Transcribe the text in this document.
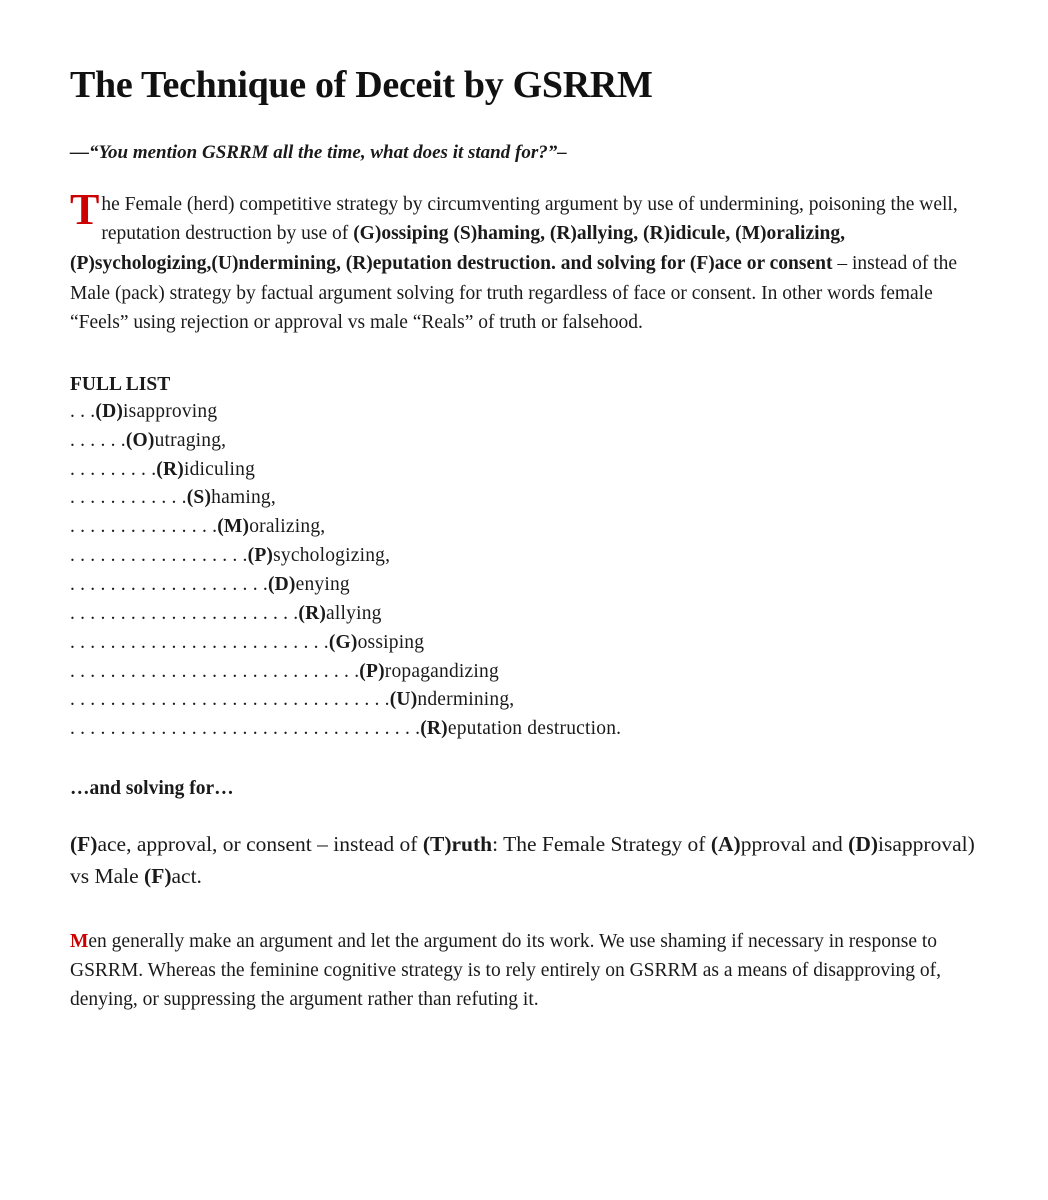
The Technique of Deceit by GSRRM

—“You mention GSRRM all the time, what does it stand for?”–

The Female (herd) competitive strategy by circumventing argument by use of undermining, poisoning the well, reputation destruction by use of (G)ossiping (S)haming, (R)allying, (R)idicule, (M)oralizing, (P)sychologizing,(U)ndermining, (R)eputation destruction. and solving for (F)ace or consent – instead of the Male (pack) strategy by factual argument solving for truth regardless of face or consent. In other words female “Feels” using rejection or approval vs male “Reals” of truth or falsehood.

FULL LIST

. . .(D)isapproving
. . . . . .(O)utraging,
. . . . . . . . .(R)idiculing
. . . . . . . . . . . .(S)haming,
. . . . . . . . . . . . . . .(M)oralizing,
. . . . . . . . . . . . . . . . . .(P)sychologizing,
. . . . . . . . . . . . . . . . . . . .(D)enying
. . . . . . . . . . . . . . . . . . . . . . .(R)allying
. . . . . . . . . . . . . . . . . . . . . . . . . .(G)ossiping
. . . . . . . . . . . . . . . . . . . . . . . . . . . . .(P)ropagandizing
. . . . . . . . . . . . . . . . . . . . . . . . . . . . . . . .(U)ndermining,
. . . . . . . . . . . . . . . . . . . . . . . . . . . . . . . . . . .(R)eputation destruction.

…and solving for…

(F)ace, approval, or consent – instead of (T)ruth: The Female Strategy of (A)pproval and (D)isapproval) vs Male (F)act.

Men generally make an argument and let the argument do its work. We use shaming if necessary in response to GSRRM. Whereas the feminine cognitive strategy is to rely entirely on GSRRM as a means of disapproving of, denying, or suppressing the argument rather than refuting it.
